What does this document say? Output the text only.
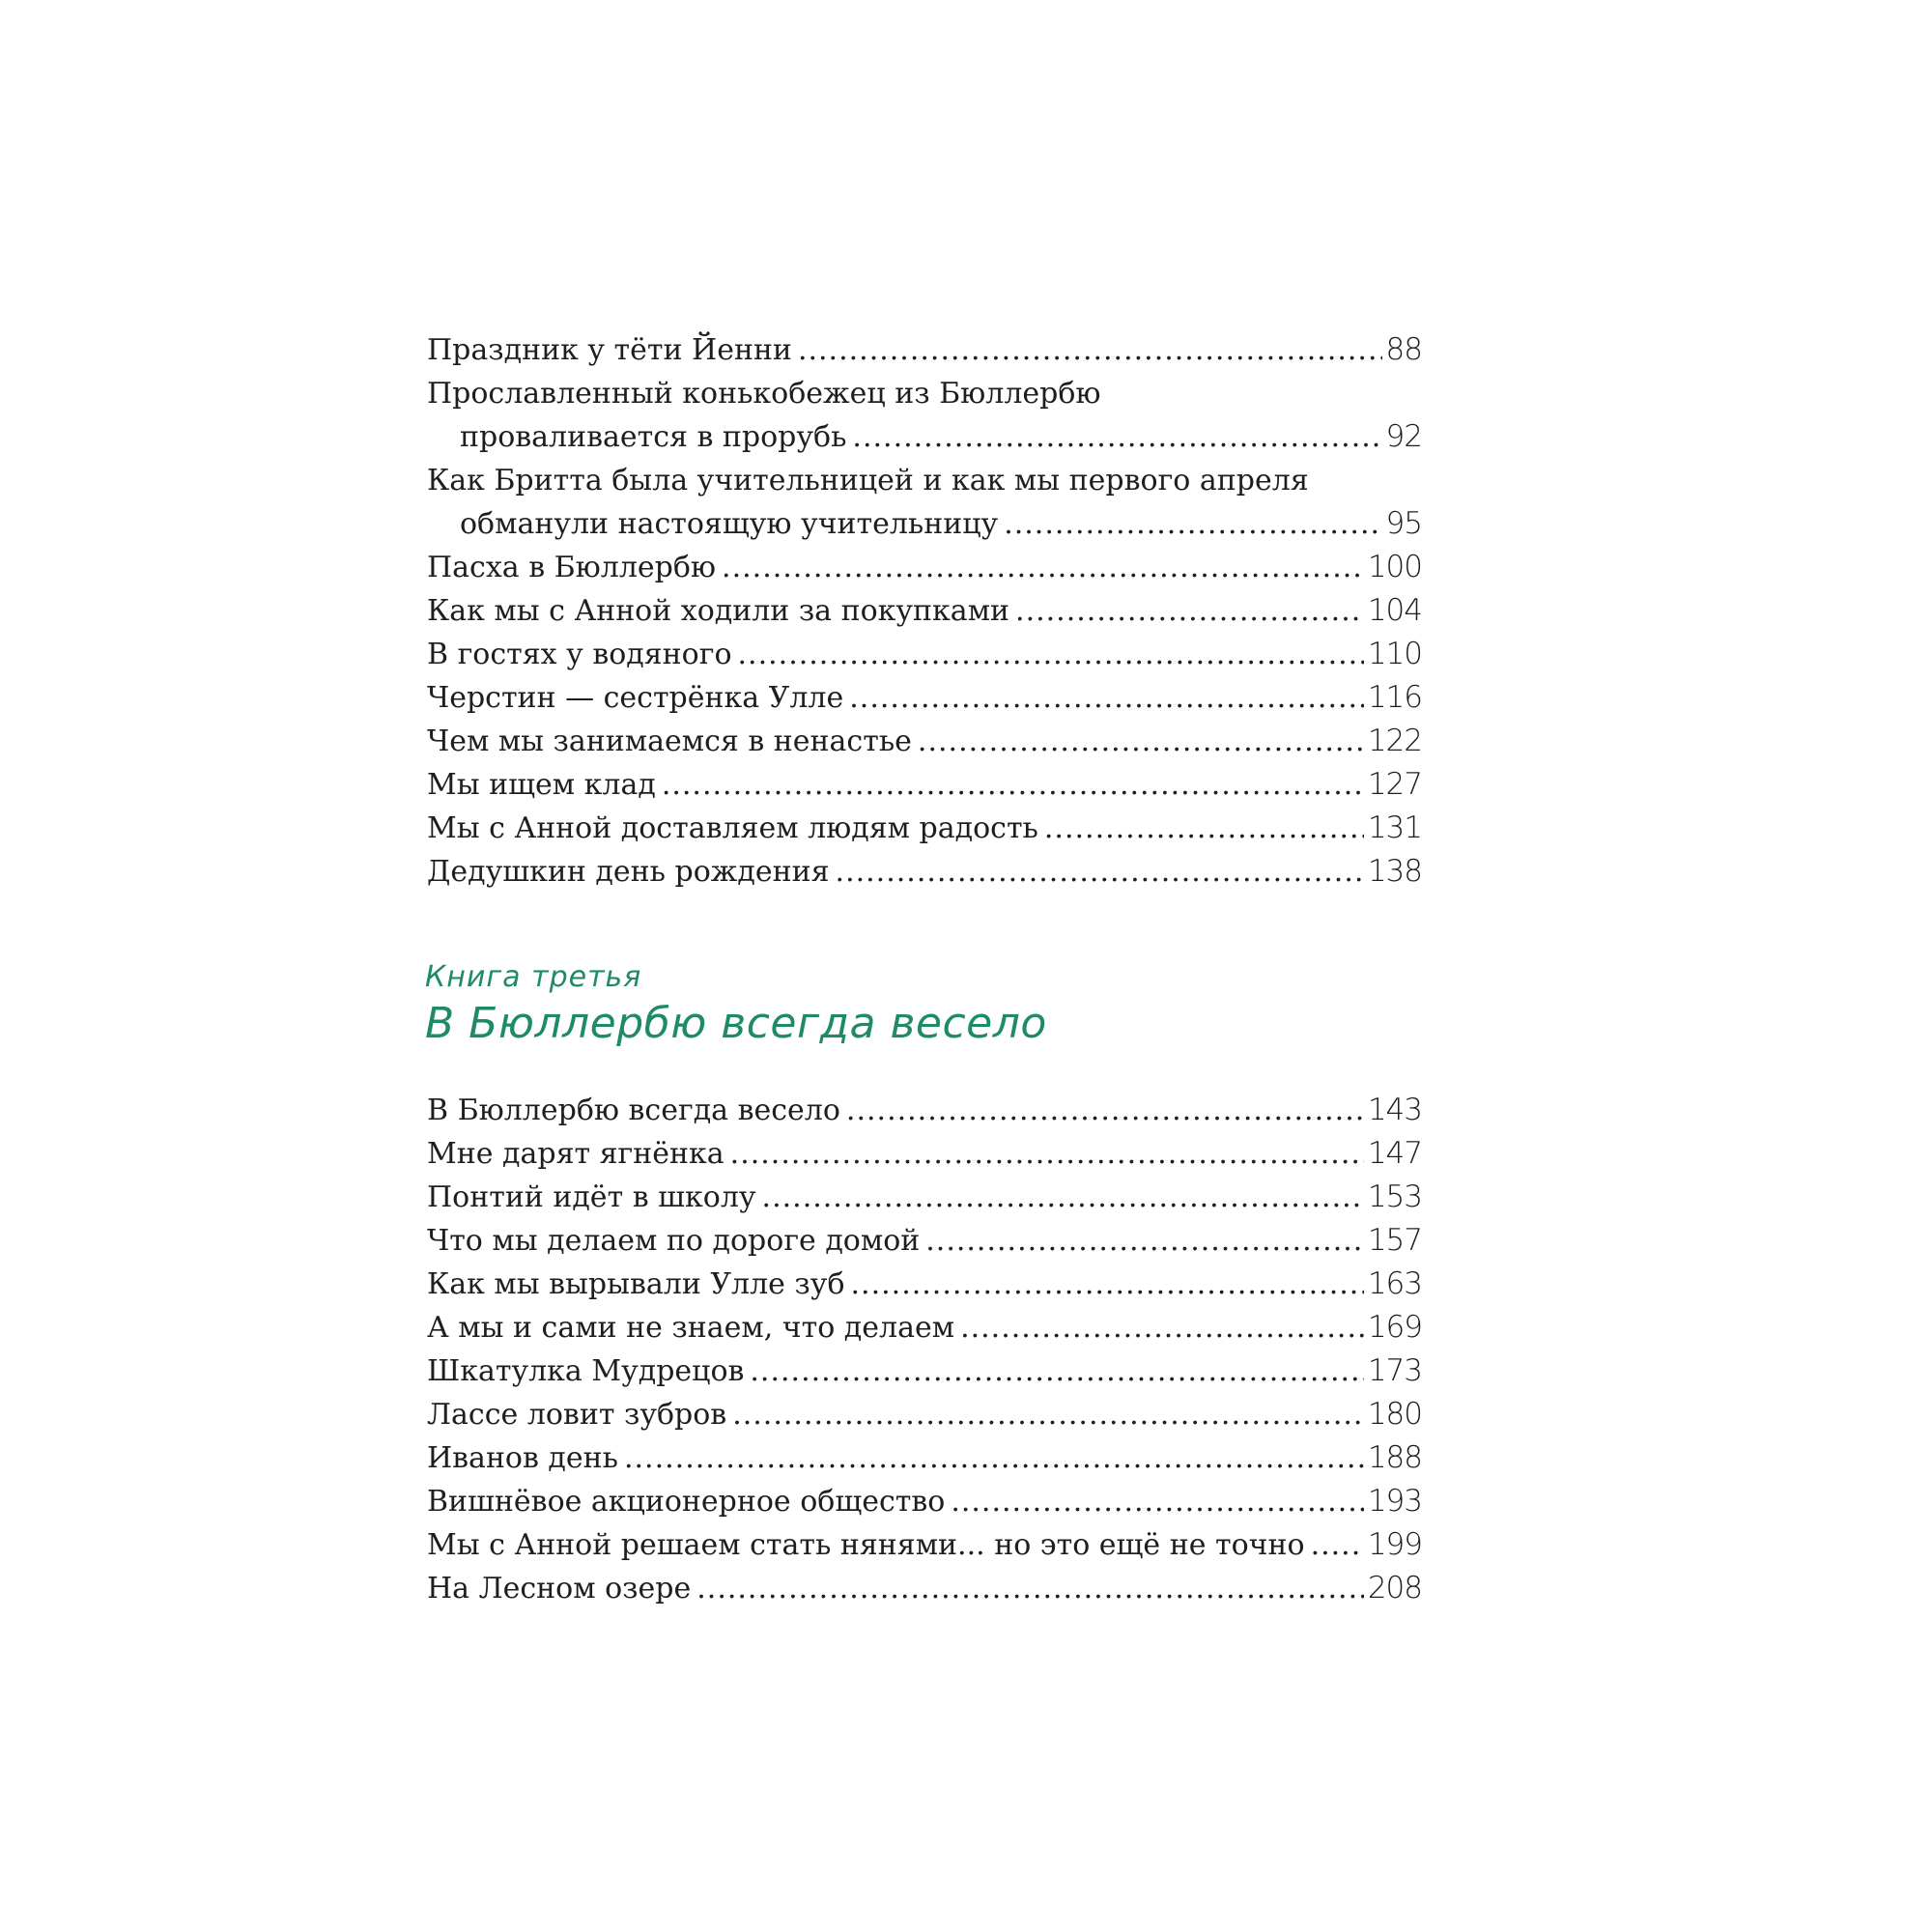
Праздник у тёти Йенни .....	88
Прославленный конькобежец из Бюллербю
проваливается в прорубь .....	92
Как Бритта была учительницей и как мы первого апреля
обманули настоящую учительницу .....	95
Пасха в Бюллербю .....	100
Как мы с Анной ходили за покупками .....	104
В гостях у водяного .....	110
Черстин — сестрёнка Улле .....	116
Чем мы занимаемся в ненастье .....	122
Мы ищем клад .....	127
Мы с Анной доставляем людям радость .....	131
Дедушкин день рождения .....	138
Книга третья
В Бюллербю всегда весело
В Бюллербю всегда весело .....	143
Мне дарят ягнёнка .....	147
Понтий идёт в школу .....	153
Что мы делаем по дороге домой .....	157
Как мы вырывали Улле зуб .....	163
А мы и сами не знаем, что делаем .....	169
Шкатулка Мудрецов .....	173
Лассе ловит зубров .....	180
Иванов день .....	188
Вишнёвое акционерное общество .....	193
Мы с Анной решаем стать нянями... но это ещё не точно ..... 199
На Лесном озере .....	208
